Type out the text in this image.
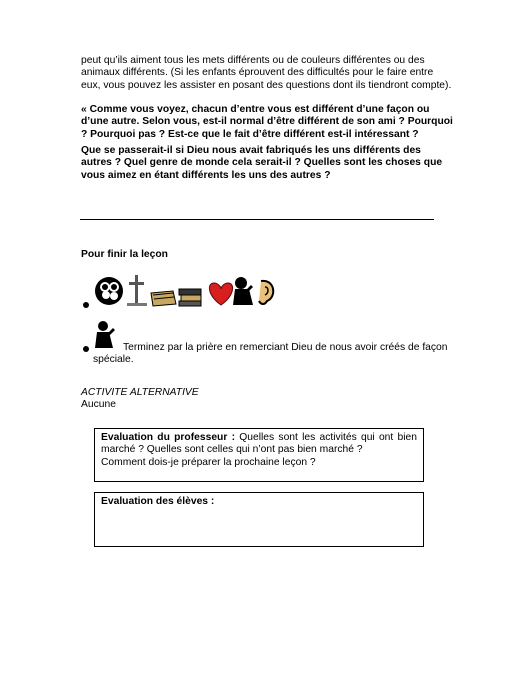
peut qu’ils aiment tous les mets différents ou de couleurs différentes ou des animaux différents. (Si les enfants éprouvent des difficultés pour le faire entre eux, vous pouvez les assister en posant des questions dont ils tiendront compte).
« Comme vous voyez, chacun d’entre vous est différent d’une façon ou d’une autre. Selon vous, est-il normal d’être différent de son ami ? Pourquoi ? Pourquoi pas ? Est-ce que le fait d’être différent est-il intéressant ?
Que se passerait-il si Dieu nous avait fabriqués les uns différents des autres ? Quel genre de monde cela serait-il ? Quelles sont les choses que vous aimez en étant différents les uns des autres ?
Pour finir la leçon
Terminez par la prière en remerciant Dieu de nous avoir créés de façon
spéciale.
ACTIVITE ALTERNATIVE
Aucune
Evaluation du professeur : Quelles sont les activités qui ont bien marché ? Quelles sont celles qui n’ont pas bien marché ?
Comment dois-je préparer la prochaine leçon ?
Evaluation des élèves :
